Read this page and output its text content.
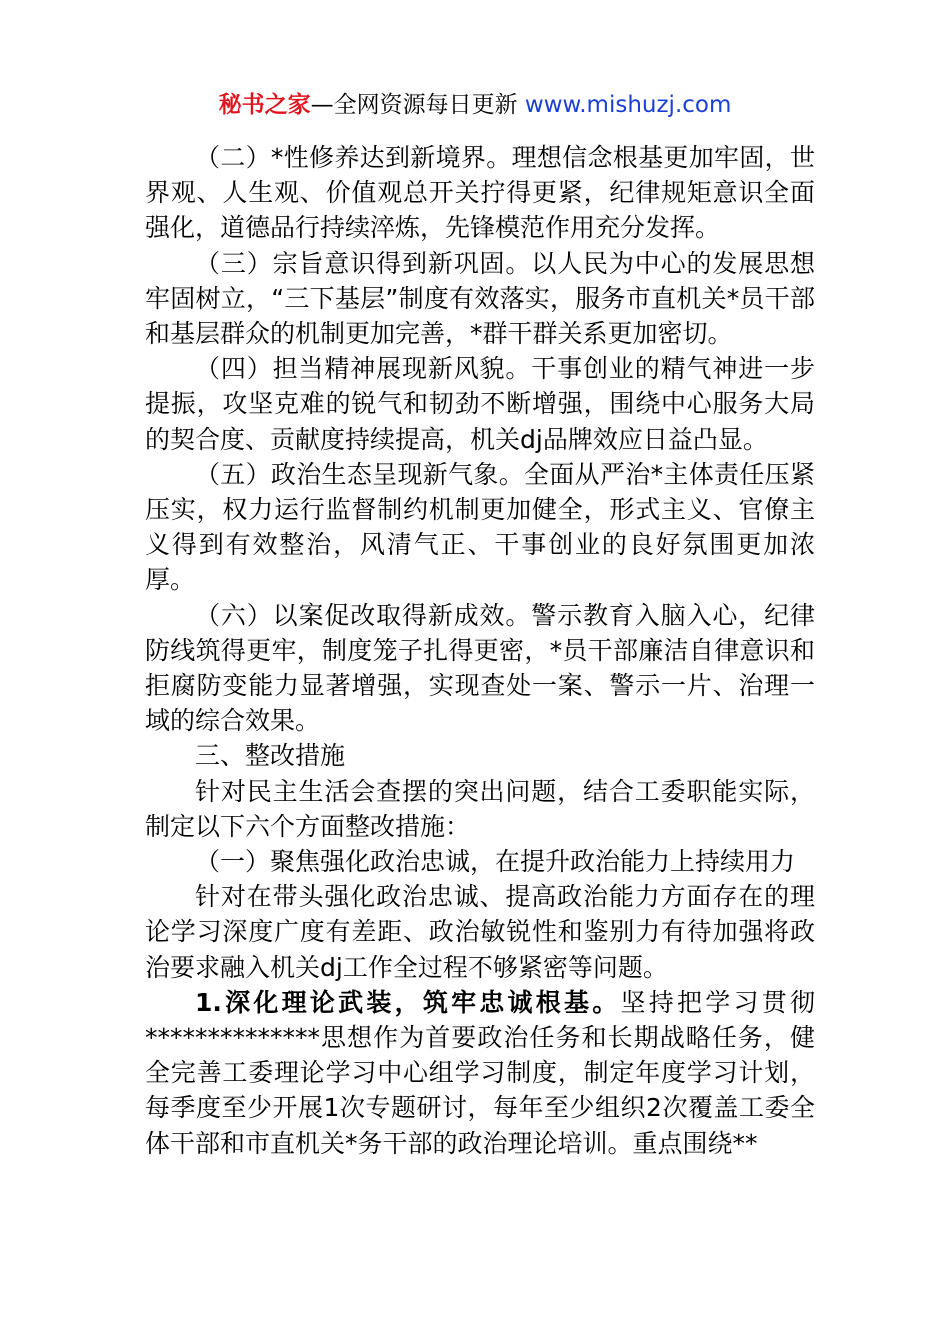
秘书之家—全网资源每日更新 www.mishuzj.com

（二）*性修养达到新境界。理想信念根基更加牢固，世界观、人生观、价值观总开关拧得更紧，纪律规矩意识全面强化，道德品行持续淬炼，先锋模范作用充分发挥。

（三）宗旨意识得到新巩固。以人民为中心的发展思想牢固树立，“三下基层”制度有效落实，服务市直机关*员干部和基层群众的机制更加完善，*群干群关系更加密切。

（四）担当精神展现新风貌。干事创业的精气神进一步提振，攻坚克难的锐气和韧劲不断增强，围绕中心服务大局的契合度、贡献度持续提高，机关dj品牌效应日益凸显。

（五）政治生态呈现新气象。全面从严治*主体责任压紧压实，权力运行监督制约机制更加健全，形式主义、官僚主义得到有效整治，风清气正、干事创业的良好氛围更加浓厚。

（六）以案促改取得新成效。警示教育入脑入心，纪律防线筑得更牢，制度笼子扎得更密，*员干部廉洁自律意识和拒腐防变能力显著增强，实现查处一案、警示一片、治理一域的综合效果。

三、整改措施

针对民主生活会查摆的突出问题，结合工委职能实际，制定以下六个方面整改措施：

（一）聚焦强化政治忠诚，在提升政治能力上持续用力

针对在带头强化政治忠诚、提高政治能力方面存在的理论学习深度广度有差距、政治敏锐性和鉴别力有待加强将政治要求融入机关dj工作全过程不够紧密等问题。

1.深化理论武装，筑牢忠诚根基。坚持把学习贯彻**************思想作为首要政治任务和长期战略任务，健全完善工委理论学习中心组学习制度，制定年度学习计划，每季度至少开展1次专题研讨，每年至少组织2次覆盖工委全体干部和市直机关*务干部的政治理论培训。重点围绕**
